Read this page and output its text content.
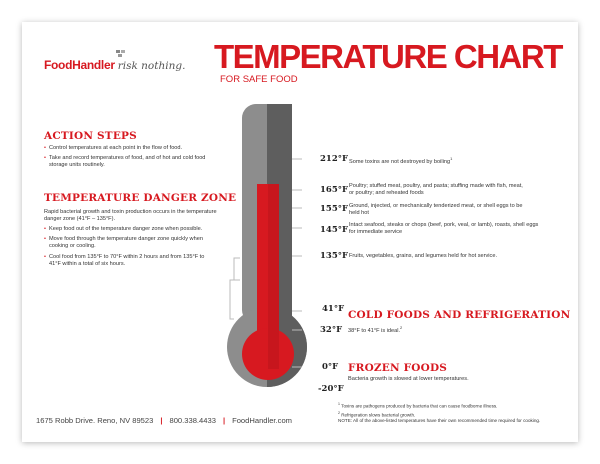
FoodHandler risk nothing. TEMPERATURE CHART
FOR SAFE FOOD
ACTION STEPS
• Control temperatures at each point in the flow of food.
• Take and record temperatures of food, and of hot and cold food storage units routinely.
TEMPERATURE DANGER ZONE
Rapid bacterial growth and toxin production occurs in the temperature danger zone (41°F – 135°F).
• Keep food out of the temperature danger zone when possible.
• Move food through the temperature danger zone quickly when cooking or cooling.
• Cool food from 135°F to 70°F within 2 hours and from 135°F to 41°F within a total of six hours.
212°F Some toxins are not destroyed by boiling$^1$
165°F Poultry; stuffed meat, poultry, and pasta; stuffing made with fish, meat, or poultry; and reheated foods
155°F Ground, injected, or mechanically tenderized meat, or shell eggs to be held hot
145°F Intact seafood, steaks or chops (beef, pork, veal, or lamb), roasts, shell eggs for immediate service
135°F Fruits, vegetables, grains, and legumes held for hot service.
41°F
32°F
0°F
-20°F
COLD FOODS AND REFRIGERATION
38°F to 41°F is ideal.$^2$
FROZEN FOODS
Bacteria growth is slowed at lower temperatures.
1675 Robb Drive. Reno, NV 89523 | 800.338.4433 | FoodHandler.com
$^1$ Toxins are pathogens produced by bacteria that can cause foodborne illness.
$^2$ Refrigeration slows bacterial growth.
NOTE: All of the above-listed temperatures have their own recommended time required for cooking.
